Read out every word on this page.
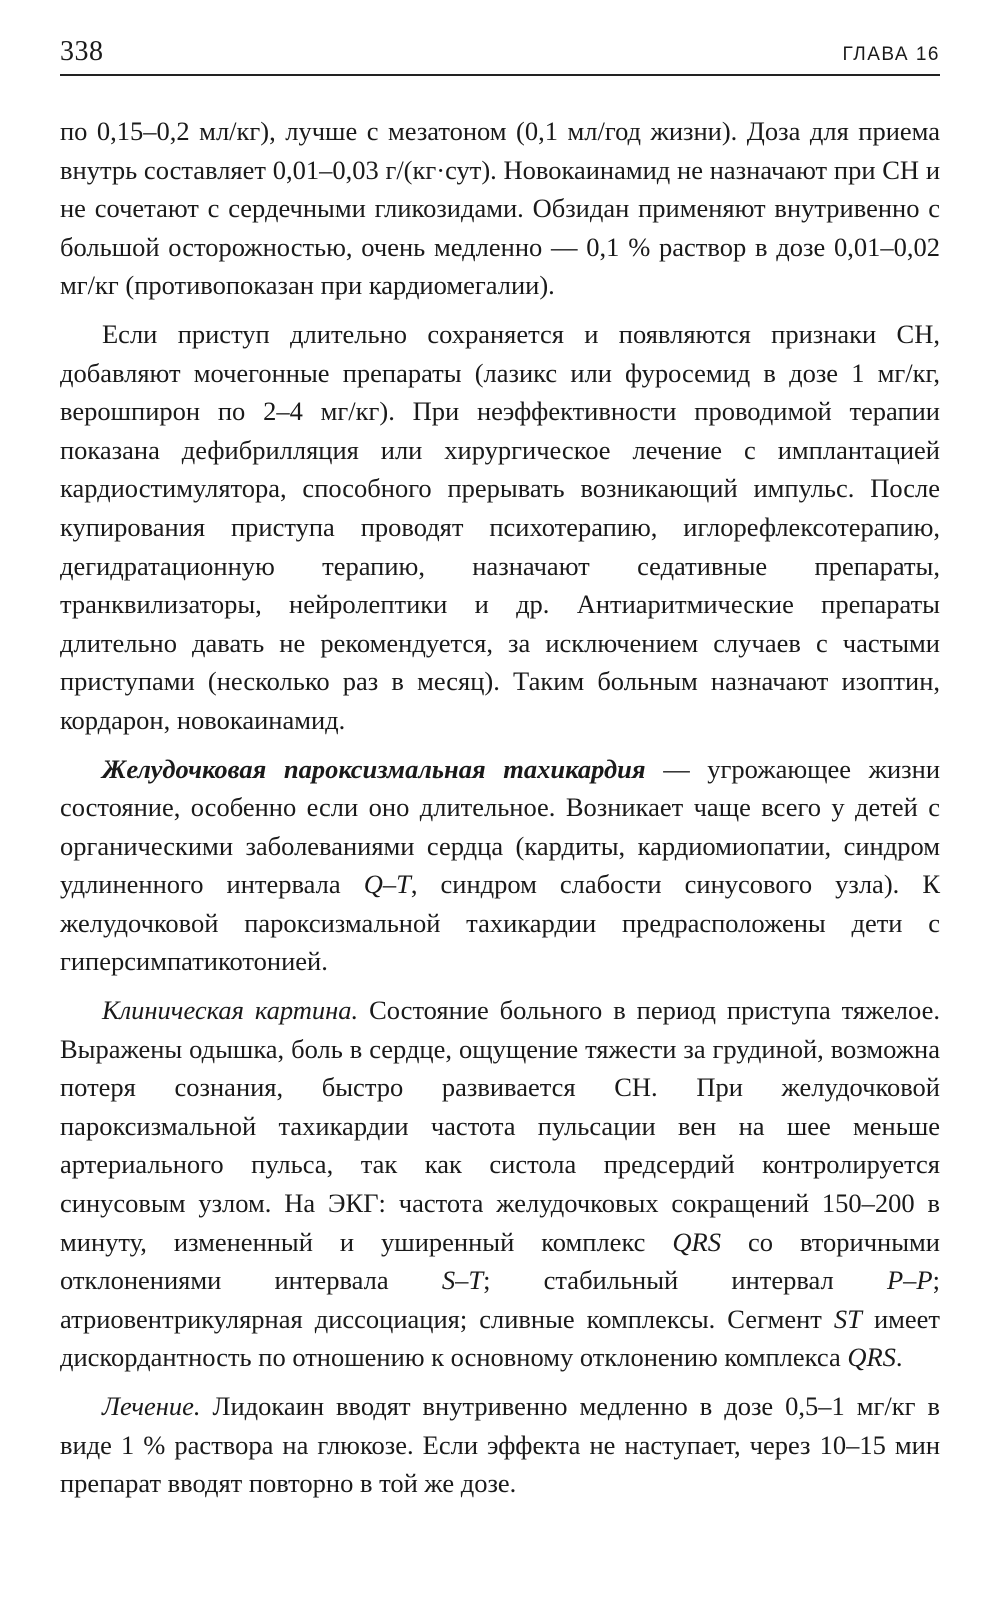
338	ГЛАВА 16

по 0,15–0,2 мл/кг), лучше с мезатоном (0,1 мл/год жизни). Доза для приема внутрь составляет 0,01–0,03 г/(кг·сут). Новокаинамид не назначают при СН и не сочетают с сердечными гликозидами. Обзидан применяют внутривенно с большой осторожностью, очень медленно — 0,1 % раствор в дозе 0,01–0,02 мг/кг (противопоказан при кардиомегалии).

Если приступ длительно сохраняется и появляются признаки СН, добавляют мочегонные препараты (лазикс или фуросемид в дозе 1 мг/кг, верошпирон по 2–4 мг/кг). При неэффективности проводимой терапии показана дефибрилляция или хирургическое лечение с имплантацией кардиостимулятора, способного прерывать возникающий импульс. После купирования приступа проводят психотерапию, иглорефлексотерапию, дегидратационную терапию, назначают седативные препараты, транквилизаторы, нейролептики и др. Антиаритмические препараты длительно давать не рекомендуется, за исключением случаев с частыми приступами (несколько раз в месяц). Таким больным назначают изоптин, кордарон, новокаинамид.

Желудочковая пароксизмальная тахикардия — угрожающее жизни состояние, особенно если оно длительное. Возникает чаще всего у детей с органическими заболеваниями сердца (кардиты, кардиомиопатии, синдром удлиненного интервала Q–T, синдром слабости синусового узла). К желудочковой пароксизмальной тахикардии предрасположены дети с гиперсимпатикотонией.

Клиническая картина. Состояние больного в период приступа тяжелое. Выражены одышка, боль в сердце, ощущение тяжести за грудиной, возможна потеря сознания, быстро развивается СН. При желудочковой пароксизмальной тахикардии частота пульсации вен на шее меньше артериального пульса, так как систола предсердий контролируется синусовым узлом. На ЭКГ: частота желудочковых сокращений 150–200 в минуту, измененный и уширенный комплекс QRS со вторичными отклонениями интервала S–T; стабильный интервал P–P; атриовентрикулярная диссоциация; сливные комплексы. Сегмент ST имеет дискордантность по отношению к основному отклонению комплекса QRS.

Лечение. Лидокаин вводят внутривенно медленно в дозе 0,5–1 мг/кг в виде 1 % раствора на глюкозе. Если эффекта не наступает, через 10–15 мин препарат вводят повторно в той же дозе.
